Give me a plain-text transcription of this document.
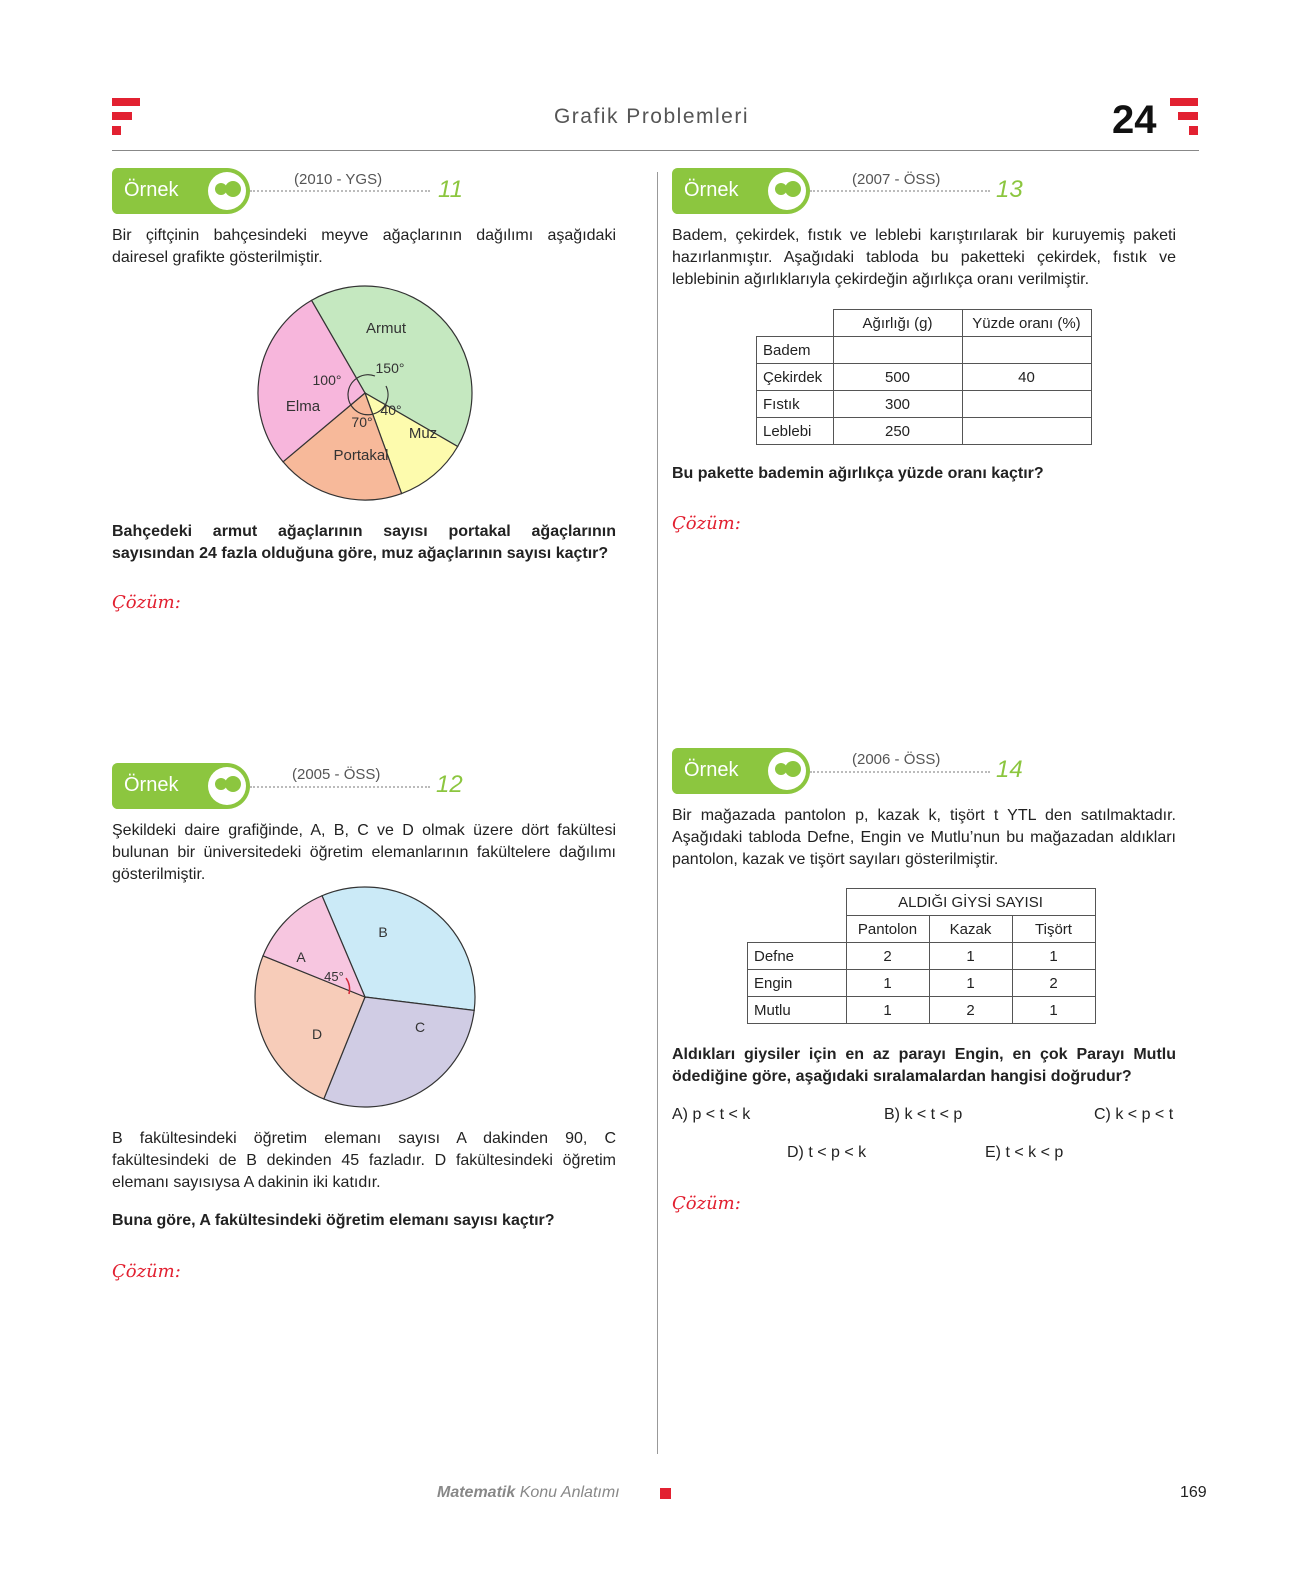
Grafik Problemleri	24
Örnek	(2010 - YGS) 11
Bir çiftçinin bahçesindeki meyve ağaçlarının dağılımı aşağıdaki dairesel grafikte gösterilmiştir.
Armut
150°
Muz
40°
Portakal
70°
Elma
100°
Bahçedeki armut ağaçlarının sayısı portakal ağaçlarının sayısından 24 fazla olduğuna göre, muz ağaçlarının sayısı kaçtır?
Çözüm:
Örnek	(2005 - ÖSS) 12
Şekildeki daire grafiğinde, A, B, C ve D olmak üzere dört fakültesi bulunan bir üniversitedeki öğretim elemanlarının fakültelere dağılımı gösterilmiştir.
B
C
D
A
45°
B fakültesindeki öğretim elemanı sayısı A dakinden 90, C fakültesindeki de B dekinden 45 fazladır. D fakültesindeki öğretim elemanı sayısıysa A dakinin iki katıdır.
Buna göre, A fakültesindeki öğretim elemanı sayısı kaçtır?
Çözüm:
Örnek	(2007 - ÖSS) 13
Badem, çekirdek, fıstık ve leblebi karıştırılarak bir kuruyemiş paketi hazırlanmıştır. Aşağıdaki tabloda bu paketteki çekirdek, fıstık ve leblebinin ağırlıklarıyla çekirdeğin ağırlıkça oranı verilmiştir.
	Ağırlığı (g)	Yüzde oranı (%)
Badem		
Çekirdek	500	40
Fıstık	300	
Leblebi	250	
Bu pakette bademin ağırlıkça yüzde oranı kaçtır?
Çözüm:
Örnek	(2006 - ÖSS) 14
Bir mağazada pantolon p, kazak k, tişört t YTL den satılmaktadır. Aşağıdaki tabloda Defne, Engin ve Mutlu’nun bu mağazadan aldıkları pantolon, kazak ve tişört sayıları gösterilmiştir.
	ALDIĞI GİYSİ SAYISI		
	Pantolon	Kazak	Tişört
Defne	2	1	1
Engin	1	1	2
Mutlu	1	2	1
Aldıkları giysiler için en az parayı Engin, en çok Parayı Mutlu ödediğine göre, aşağıdaki sıralamalardan hangisi doğrudur?
A) p < t < k	B) k < t < p	C) k < p < t
D) t < p < k	E) t < k < p
Çözüm:
Matematik Konu Anlatımı	169
